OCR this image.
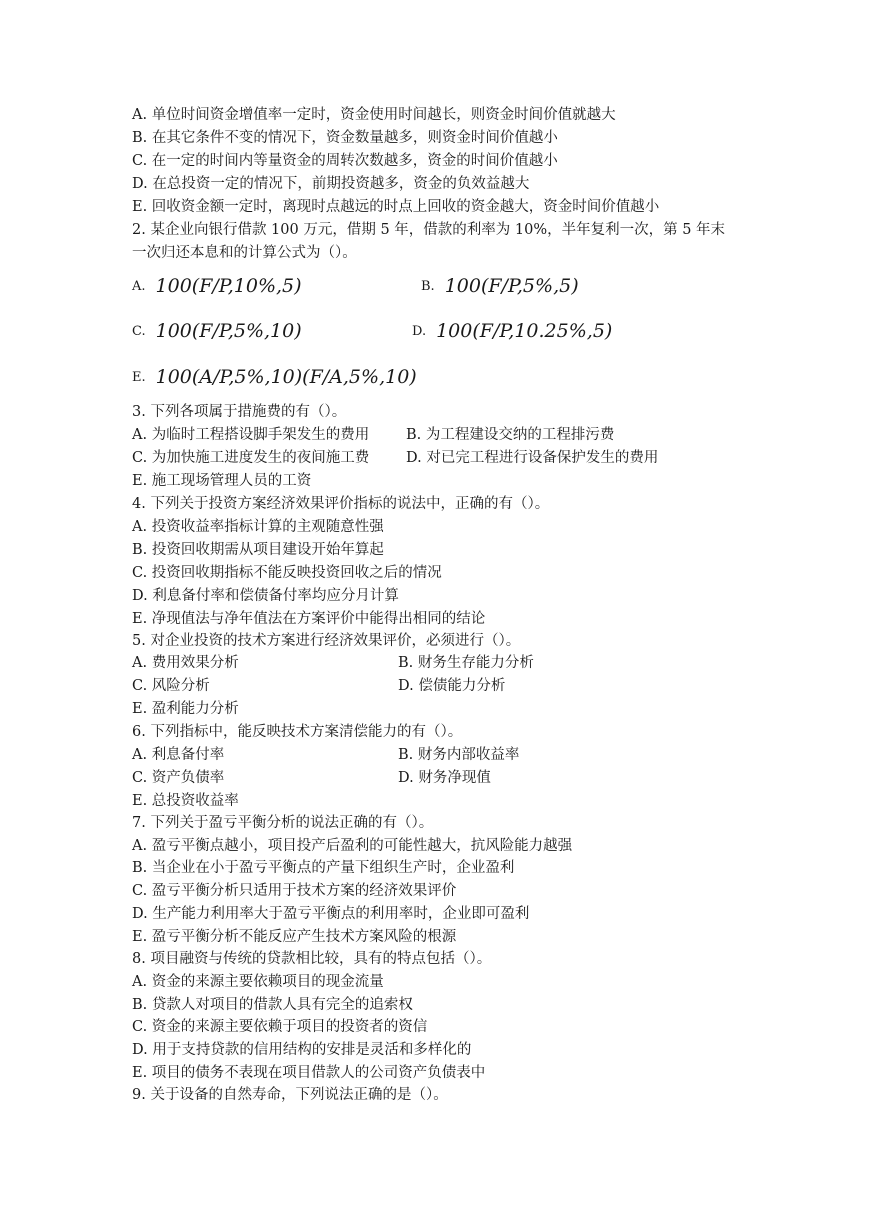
A. 单位时间资金增值率一定时，资金使用时间越长，则资金时间价值就越大
B. 在其它条件不变的情况下，资金数量越多，则资金时间价值越小
C. 在一定的时间内等量资金的周转次数越多，资金的时间价值越小
D. 在总投资一定的情况下，前期投资越多，资金的负效益越大
E. 回收资金额一定时，离现时点越远的时点上回收的资金越大，资金时间价值越小
2. 某企业向银行借款 100 万元，借期 5 年，借款的利率为 10%，半年复利一次，第 5 年末
一次归还本息和的计算公式为（）。
A. 100(F/P,10%,5)	B. 100(F/P,5%,5)
C. 100(F/P,5%,10)	D. 100(F/P,10.25%,5)
E. 100(A/P,5%,10)(F/A,5%,10)
3. 下列各项属于措施费的有（）。
A. 为临时工程搭设脚手架发生的费用	B. 为工程建设交纳的工程排污费
C. 为加快施工进度发生的夜间施工费	D. 对已完工程进行设备保护发生的费用
E. 施工现场管理人员的工资
4. 下列关于投资方案经济效果评价指标的说法中，正确的有（）。
A. 投资收益率指标计算的主观随意性强
B. 投资回收期需从项目建设开始年算起
C. 投资回收期指标不能反映投资回收之后的情况
D. 利息备付率和偿债备付率均应分月计算
E. 净现值法与净年值法在方案评价中能得出相同的结论
5. 对企业投资的技术方案进行经济效果评价，必须进行（）。
A. 费用效果分析	B. 财务生存能力分析
C. 风险分析	D. 偿债能力分析
E. 盈利能力分析
6. 下列指标中，能反映技术方案清偿能力的有（）。
A. 利息备付率	B. 财务内部收益率
C. 资产负债率	D. 财务净现值
E. 总投资收益率
7. 下列关于盈亏平衡分析的说法正确的有（）。
A. 盈亏平衡点越小，项目投产后盈利的可能性越大，抗风险能力越强
B. 当企业在小于盈亏平衡点的产量下组织生产时，企业盈利
C. 盈亏平衡分析只适用于技术方案的经济效果评价
D. 生产能力利用率大于盈亏平衡点的利用率时，企业即可盈利
E. 盈亏平衡分析不能反应产生技术方案风险的根源
8. 项目融资与传统的贷款相比较，具有的特点包括（）。
A. 资金的来源主要依赖项目的现金流量
B. 贷款人对项目的借款人具有完全的追索权
C. 资金的来源主要依赖于项目的投资者的资信
D. 用于支持贷款的信用结构的安排是灵活和多样化的
E. 项目的债务不表现在项目借款人的公司资产负债表中
9. 关于设备的自然寿命，下列说法正确的是（）。
